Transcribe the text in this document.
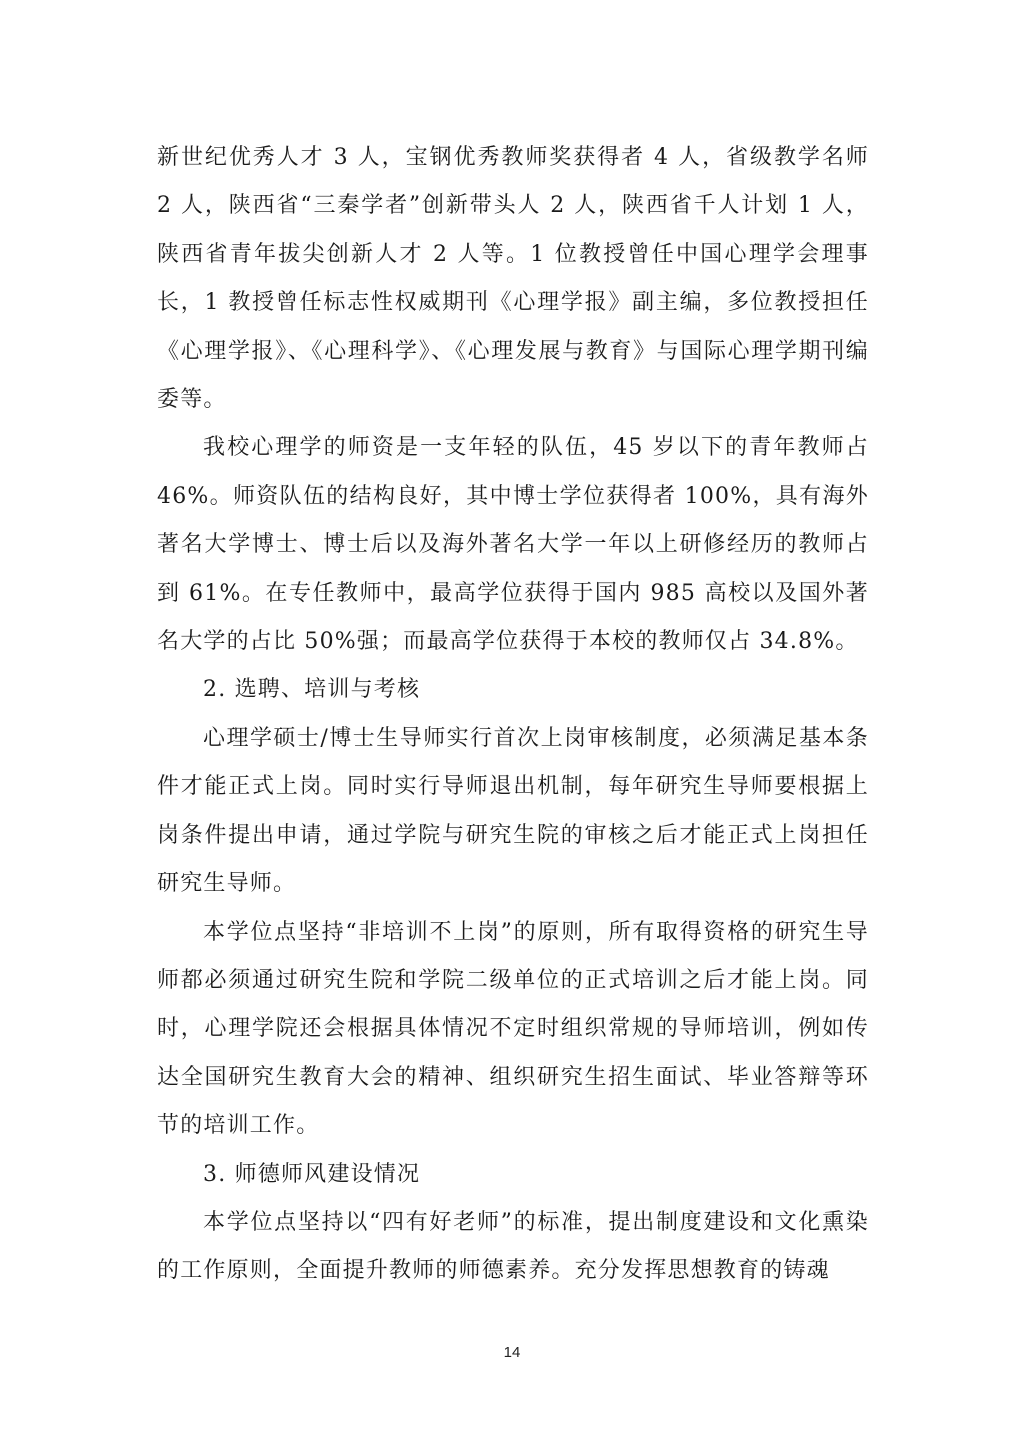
新世纪优秀人才 3 人，宝钢优秀教师奖获得者 4 人，省级教学名师 2 人，陕西省“三秦学者”创新带头人 2 人，陕西省千人计划 1 人，陕西省青年拔尖创新人才 2 人等。1 位教授曾任中国心理学会理事长，1 教授曾任标志性权威期刊《心理学报》副主编，多位教授担任《心理学报》、《心理科学》、《心理发展与教育》与国际心理学期刊编委等。

我校心理学的师资是一支年轻的队伍，45 岁以下的青年教师占 46%。师资队伍的结构良好，其中博士学位获得者 100%，具有海外著名大学博士、博士后以及海外著名大学一年以上研修经历的教师占到 61%。在专任教师中，最高学位获得于国内 985 高校以及国外著名大学的占比 50%强；而最高学位获得于本校的教师仅占 34.8%。

2. 选聘、培训与考核

心理学硕士/博士生导师实行首次上岗审核制度，必须满足基本条件才能正式上岗。同时实行导师退出机制，每年研究生导师要根据上岗条件提出申请，通过学院与研究生院的审核之后才能正式上岗担任研究生导师。

本学位点坚持“非培训不上岗”的原则，所有取得资格的研究生导师都必须通过研究生院和学院二级单位的正式培训之后才能上岗。同时，心理学院还会根据具体情况不定时组织常规的导师培训，例如传达全国研究生教育大会的精神、组织研究生招生面试、毕业答辩等环节的培训工作。

3. 师德师风建设情况

本学位点坚持以“四有好老师”的标准，提出制度建设和文化熏染的工作原则，全面提升教师的师德素养。充分发挥思想教育的铸魂

14
